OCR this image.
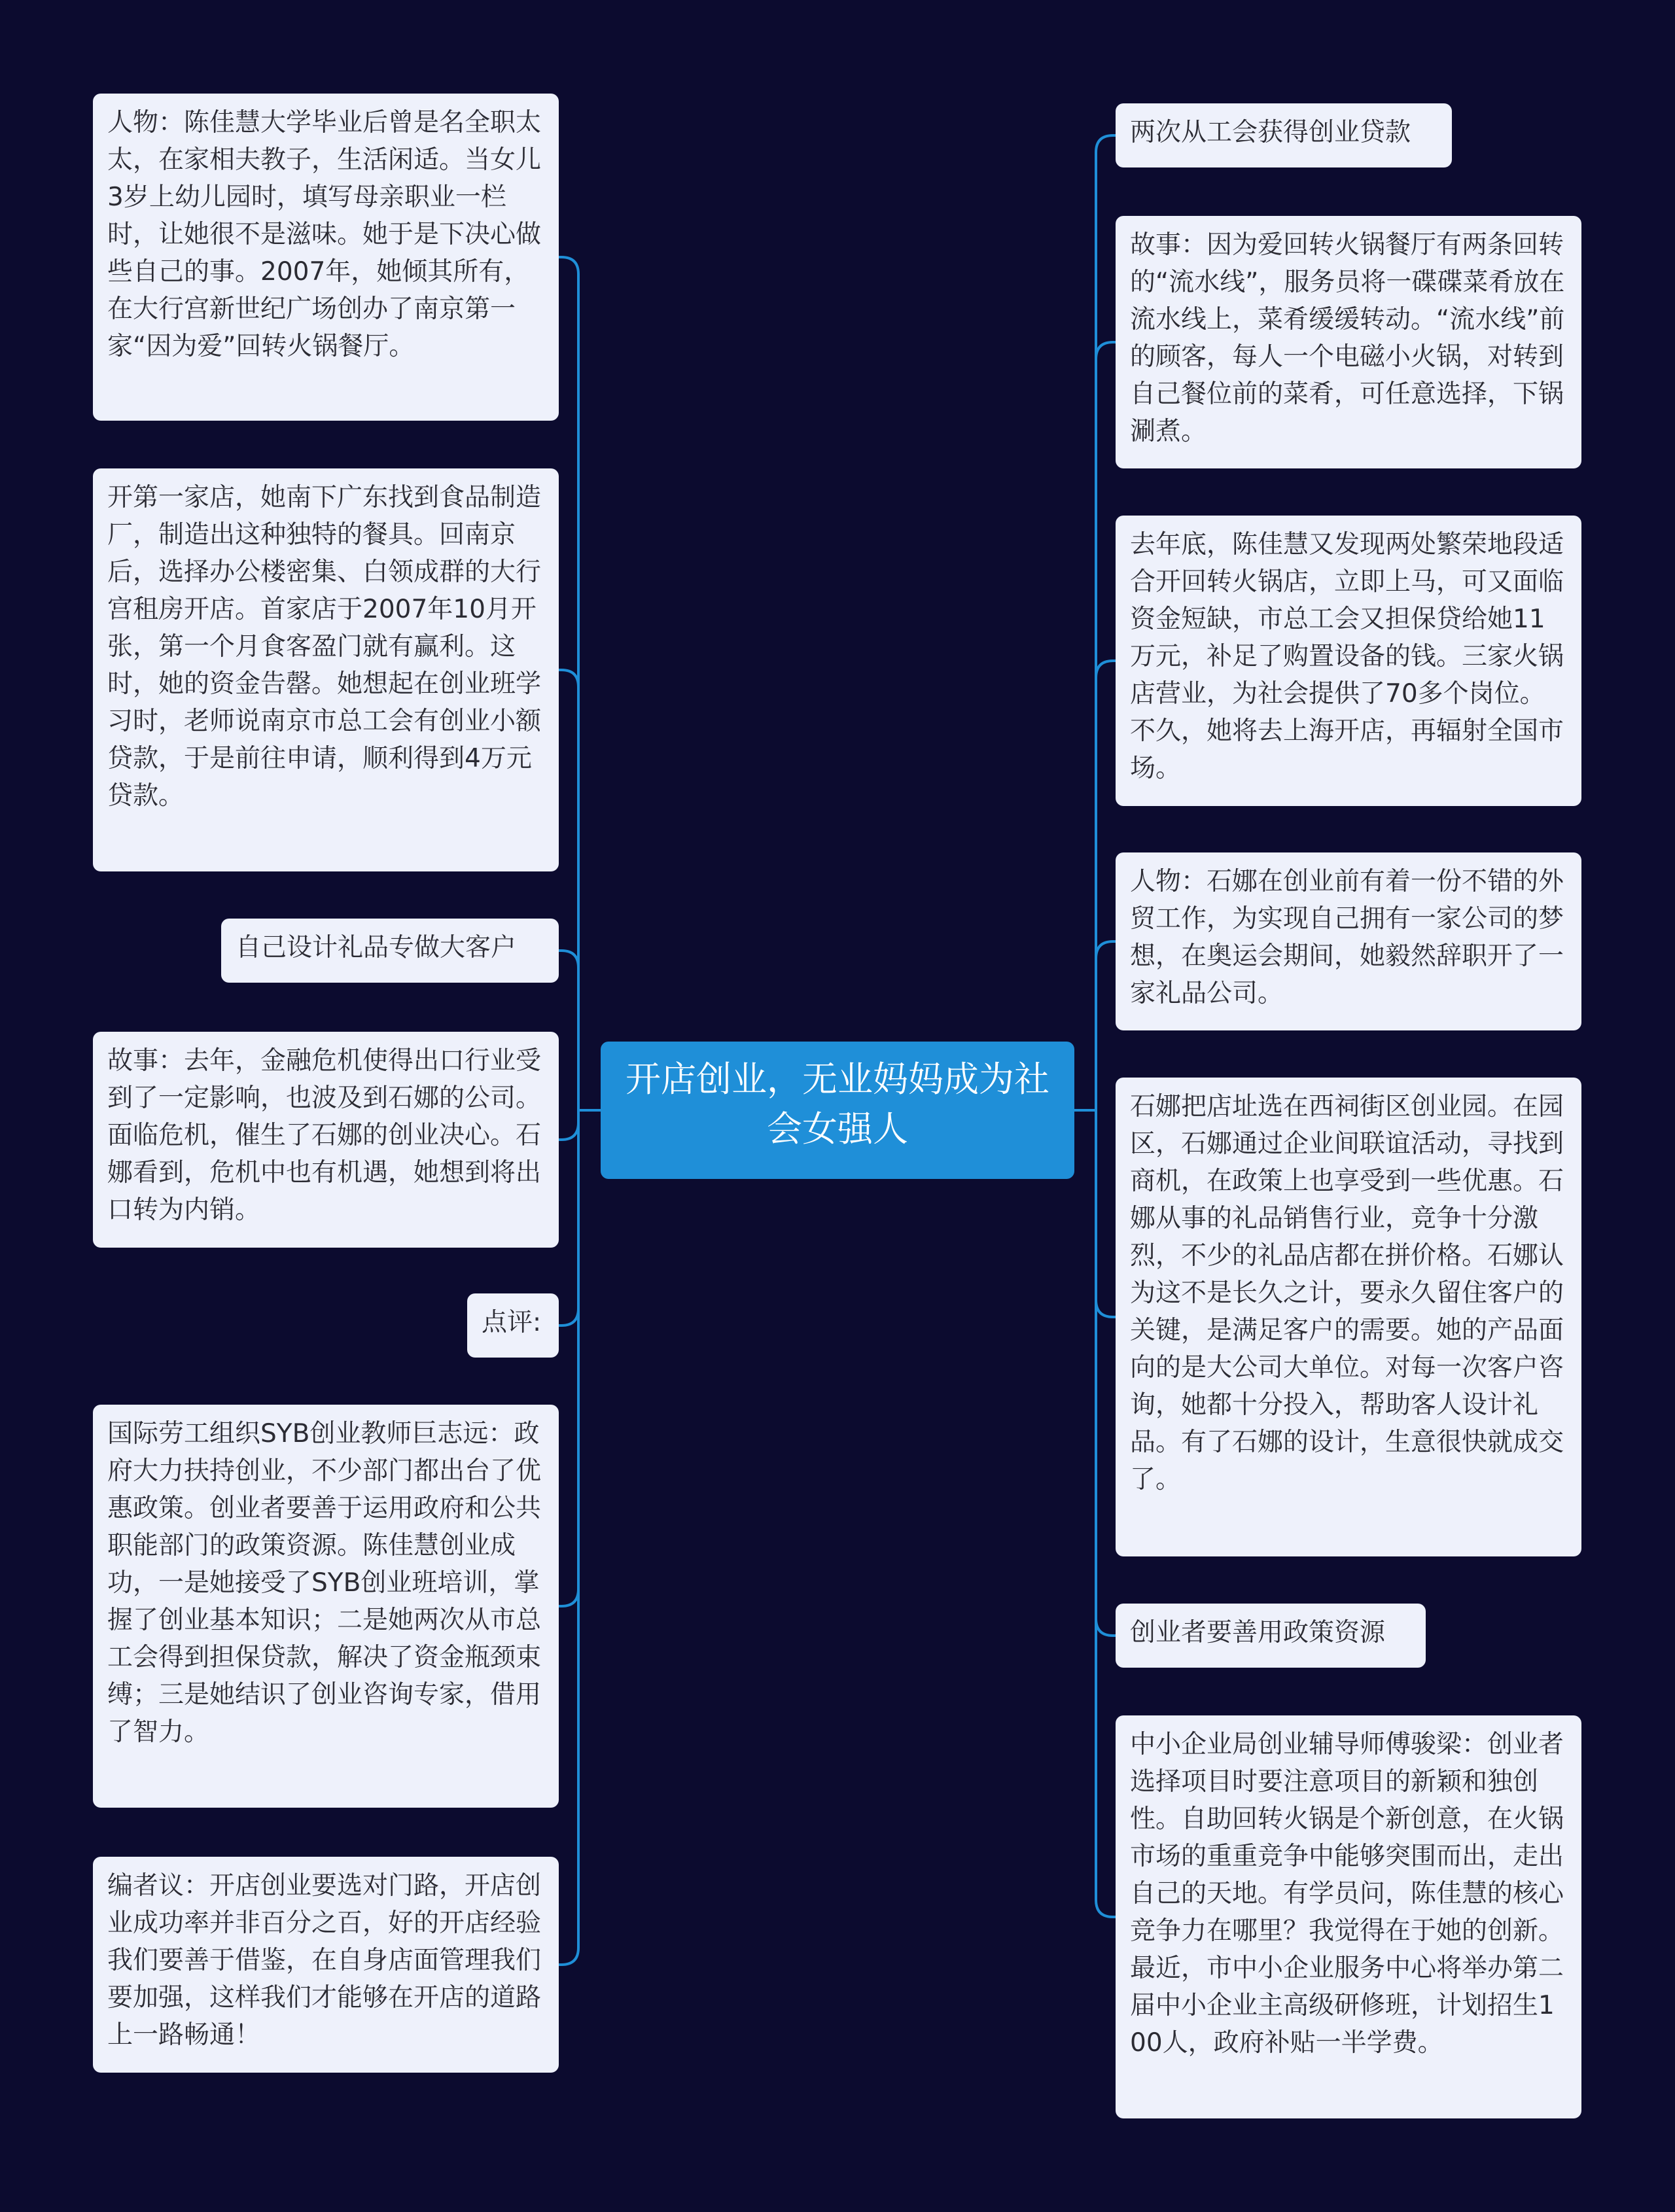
开店创业，无业妈妈成为社会女强人
人物：陈佳慧大学毕业后曾是名全职太太，在家相夫教子，生活闲适。当女儿3岁上幼儿园时，填写母亲职业一栏时，让她很不是滋味。她于是下决心做些自己的事。2007年，她倾其所有，在大行宫新世纪广场创办了南京第一家“因为爱”回转火锅餐厅。
开第一家店，她南下广东找到食品制造厂，制造出这种独特的餐具。回南京后，选择办公楼密集、白领成群的大行宫租房开店。首家店于2007年10月开张，第一个月食客盈门就有赢利。这时，她的资金告罄。她想起在创业班学习时，老师说南京市总工会有创业小额贷款，于是前往申请，顺利得到4万元贷款。
自己设计礼品专做大客户
故事：去年，金融危机使得出口行业受到了一定影响，也波及到石娜的公司。面临危机，催生了石娜的创业决心。石娜看到，危机中也有机遇，她想到将出口转为内销。
点评:
国际劳工组织SYB创业教师巨志远：政府大力扶持创业，不少部门都出台了优惠政策。创业者要善于运用政府和公共职能部门的政策资源。陈佳慧创业成功，一是她接受了SYB创业班培训，掌握了创业基本知识；二是她两次从市总工会得到担保贷款，解决了资金瓶颈束缚；三是她结识了创业咨询专家，借用了智力。
编者议：开店创业要选对门路，开店创业成功率并非百分之百，好的开店经验我们要善于借鉴，在自身店面管理我们要加强，这样我们才能够在开店的道路上一路畅通！
两次从工会获得创业贷款
故事：因为爱回转火锅餐厅有两条回转的“流水线”，服务员将一碟碟菜肴放在流水线上，菜肴缓缓转动。“流水线”前的顾客，每人一个电磁小火锅，对转到自己餐位前的菜肴，可任意选择，下锅涮煮。
去年底，陈佳慧又发现两处繁荣地段适合开回转火锅店，立即上马，可又面临资金短缺，市总工会又担保贷给她11万元，补足了购置设备的钱。三家火锅店营业，为社会提供了70多个岗位。不久，她将去上海开店，再辐射全国市场。
人物：石娜在创业前有着一份不错的外贸工作，为实现自己拥有一家公司的梦想，在奥运会期间，她毅然辞职开了一家礼品公司。
石娜把店址选在西祠街区创业园。在园区，石娜通过企业间联谊活动，寻找到商机，在政策上也享受到一些优惠。石娜从事的礼品销售行业，竞争十分激烈，不少的礼品店都在拼价格。石娜认为这不是长久之计，要永久留住客户的关键，是满足客户的需要。她的产品面向的是大公司大单位。对每一次客户咨询，她都十分投入，帮助客人设计礼品。有了石娜的设计，生意很快就成交了。
创业者要善用政策资源
中小企业局创业辅导师傅骏梁：创业者选择项目时要注意项目的新颖和独创性。自助回转火锅是个新创意，在火锅市场的重重竞争中能够突围而出，走出自己的天地。有学员问，陈佳慧的核心竞争力在哪里？我觉得在于她的创新。最近，市中小企业服务中心将举办第二届中小企业主高级研修班，计划招生100人，政府补贴一半学费。
